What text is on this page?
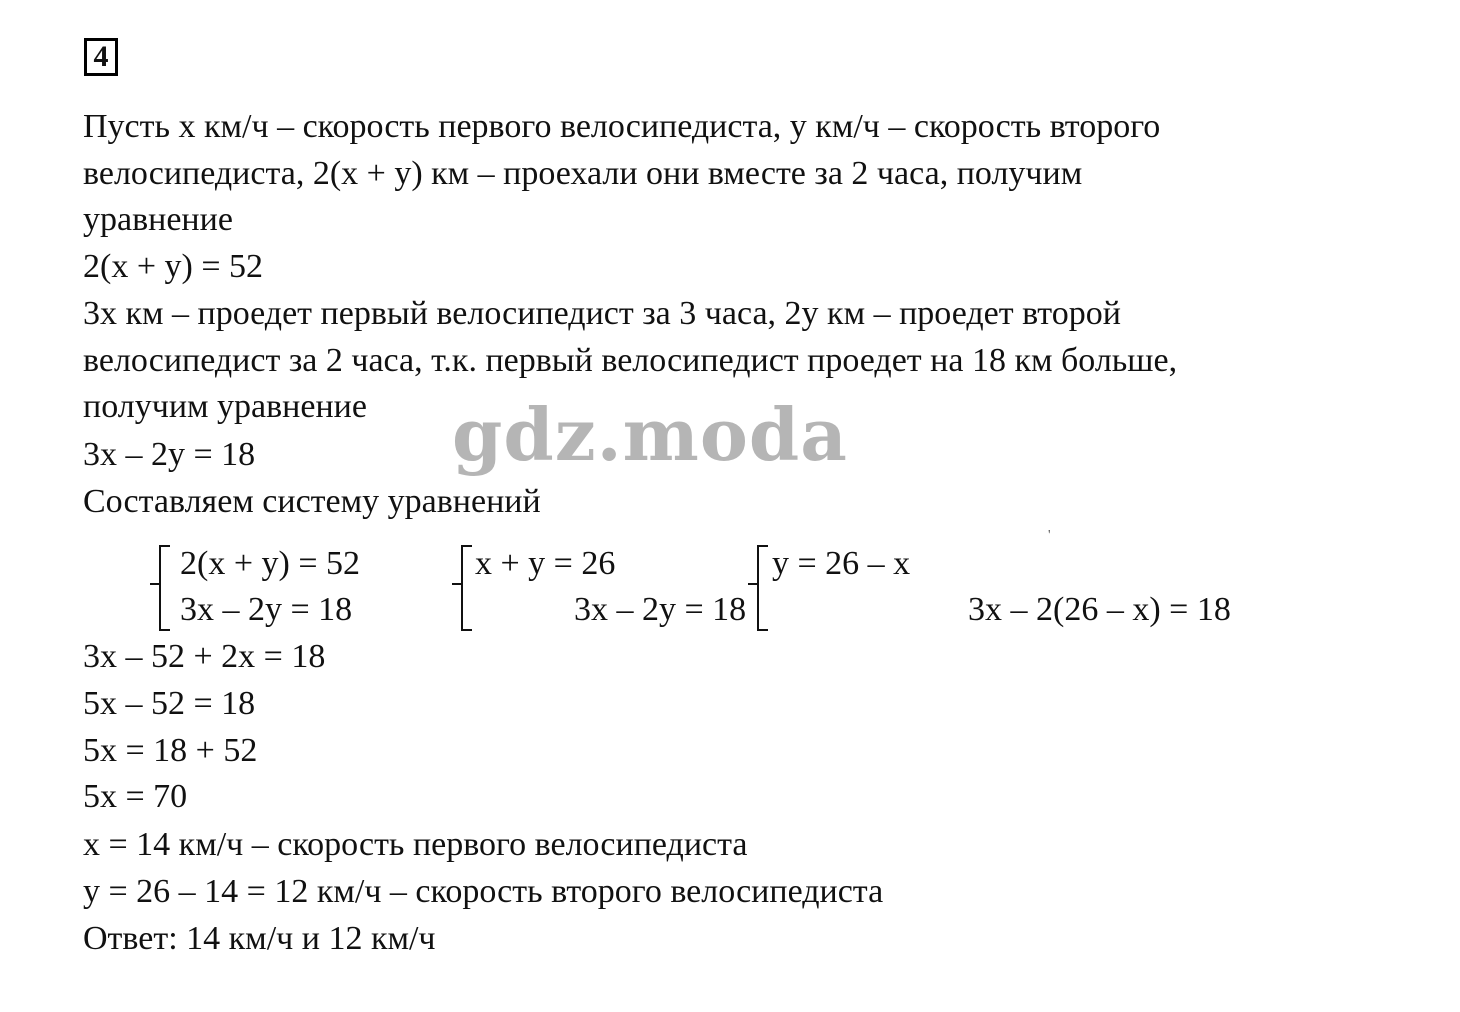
4
Пусть x км/ч – скорость первого велосипедиста, y км/ч – скорость второго
велосипедиста, 2(x + y) км – проехали они вместе за 2 часа, получим
уравнение
2(x + y) = 52
3x км – проедет первый велосипедист за 3 часа, 2y км – проедет второй
велосипедист за 2 часа, т.к. первый велосипедист проедет на 18 км больше,
получим уравнение
3x – 2y = 18
Составляем систему уравнений
2(x + y) = 52
3x – 2y = 18
x + y = 26
3x – 2y = 18
y = 26 – x
3x – 2(26 – x) = 18
3x – 52 + 2x = 18
5x – 52 = 18
5x = 18 + 52
5x = 70
x = 14 км/ч – скорость первого велосипедиста
y = 26 – 14 = 12 км/ч – скорость второго велосипедиста
Ответ: 14 км/ч и 12 км/ч
gdz.moda
'
